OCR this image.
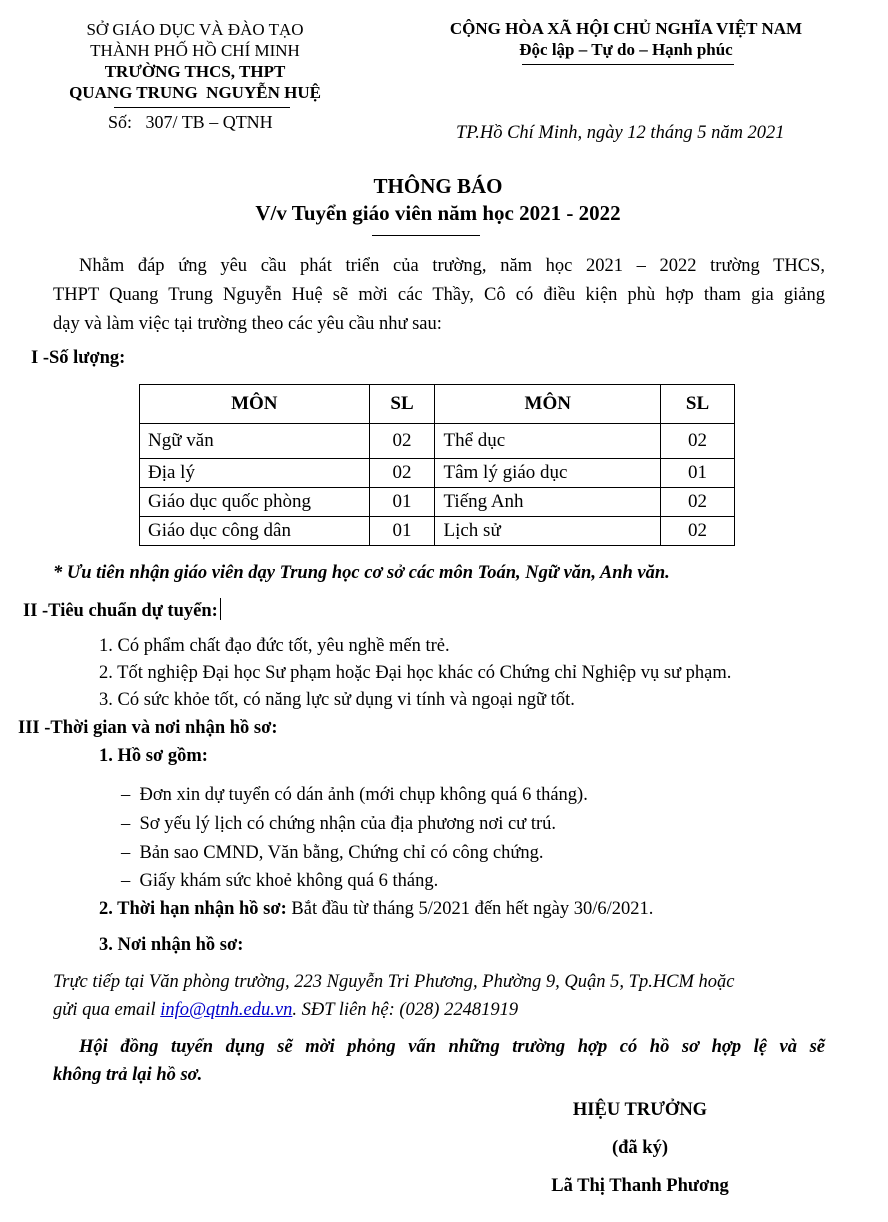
SỞ GIÁO DỤC VÀ ĐÀO TẠO
THÀNH PHỐ HỒ CHÍ MINH
TRƯỜNG THCS, THPT
QUANG TRUNG  NGUYỄN HUỆ
Số:   307/ TB – QTNH
CỘNG HÒA XÃ HỘI CHỦ NGHĨA VIỆT NAM
Độc lập – Tự do – Hạnh phúc
TP.Hồ Chí Minh, ngày 12 tháng 5 năm 2021
THÔNG BÁO
V/v Tuyển giáo viên năm học 2021 - 2022
Nhằm đáp ứng yêu cầu phát triển của trường, năm học 2021 – 2022 trường THCS,
THPT Quang Trung Nguyễn Huệ sẽ mời các Thầy, Cô có điều kiện phù hợp tham gia giảng
dạy và làm việc tại trường theo các yêu cầu như sau:
I -Số lượng:
MÔN	SL	MÔN	SL
Ngữ văn	02	Thể dục	02
Địa lý	02	Tâm lý giáo dục	01
Giáo dục quốc phòng	01	Tiếng Anh	02
Giáo dục công dân	01	Lịch sử	02
* Ưu tiên nhận giáo viên dạy Trung học cơ sở các môn Toán, Ngữ văn, Anh văn.
II -Tiêu chuẩn dự tuyển:
1. Có phẩm chất đạo đức tốt, yêu nghề mến trẻ.
2. Tốt nghiệp Đại học Sư phạm hoặc Đại học khác có Chứng chỉ Nghiệp vụ sư phạm.
3. Có sức khỏe tốt, có năng lực sử dụng vi tính và ngoại ngữ tốt.
III -Thời gian và nơi nhận hồ sơ:
1. Hồ sơ gồm:
–  Đơn xin dự tuyển có dán ảnh (mới chụp không quá 6 tháng).
–  Sơ yếu lý lịch có chứng nhận của địa phương nơi cư trú.
–  Bản sao CMND, Văn bằng, Chứng chỉ có công chứng.
–  Giấy khám sức khoẻ không quá 6 tháng.
2. Thời hạn nhận hồ sơ: Bắt đầu từ tháng 5/2021 đến hết ngày 30/6/2021.
3. Nơi nhận hồ sơ:
Trực tiếp tại Văn phòng trường, 223 Nguyễn Tri Phương, Phường 9, Quận 5, Tp.HCM hoặc
gửi qua email info@qtnh.edu.vn. SĐT liên hệ: (028) 22481919
Hội đồng tuyển dụng sẽ mời phỏng vấn những trường hợp có hồ sơ hợp lệ và sẽ
không trả lại hồ sơ.
HIỆU TRƯỞNG
(đã ký)
Lã Thị Thanh Phương
